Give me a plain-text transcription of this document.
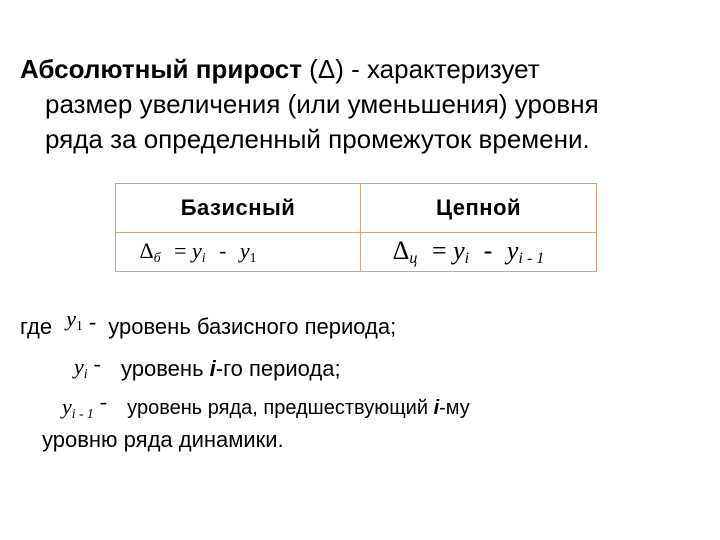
Абсолютный прирост (Δ) - характеризует
размер увеличения (или уменьшения) уровня
ряда за определенный промежуток времени.
Базисный	Цепной
$\Delta_б = y_i - y_1$	$\Delta_ц = y_i - y_{i - 1}$
где $y_1$ - уровень базисного периода;
$y_i$ - уровень i-го периода;
$y_{i - 1}$ - уровень ряда, предшествующий i-му
уровню ряда динамики.
